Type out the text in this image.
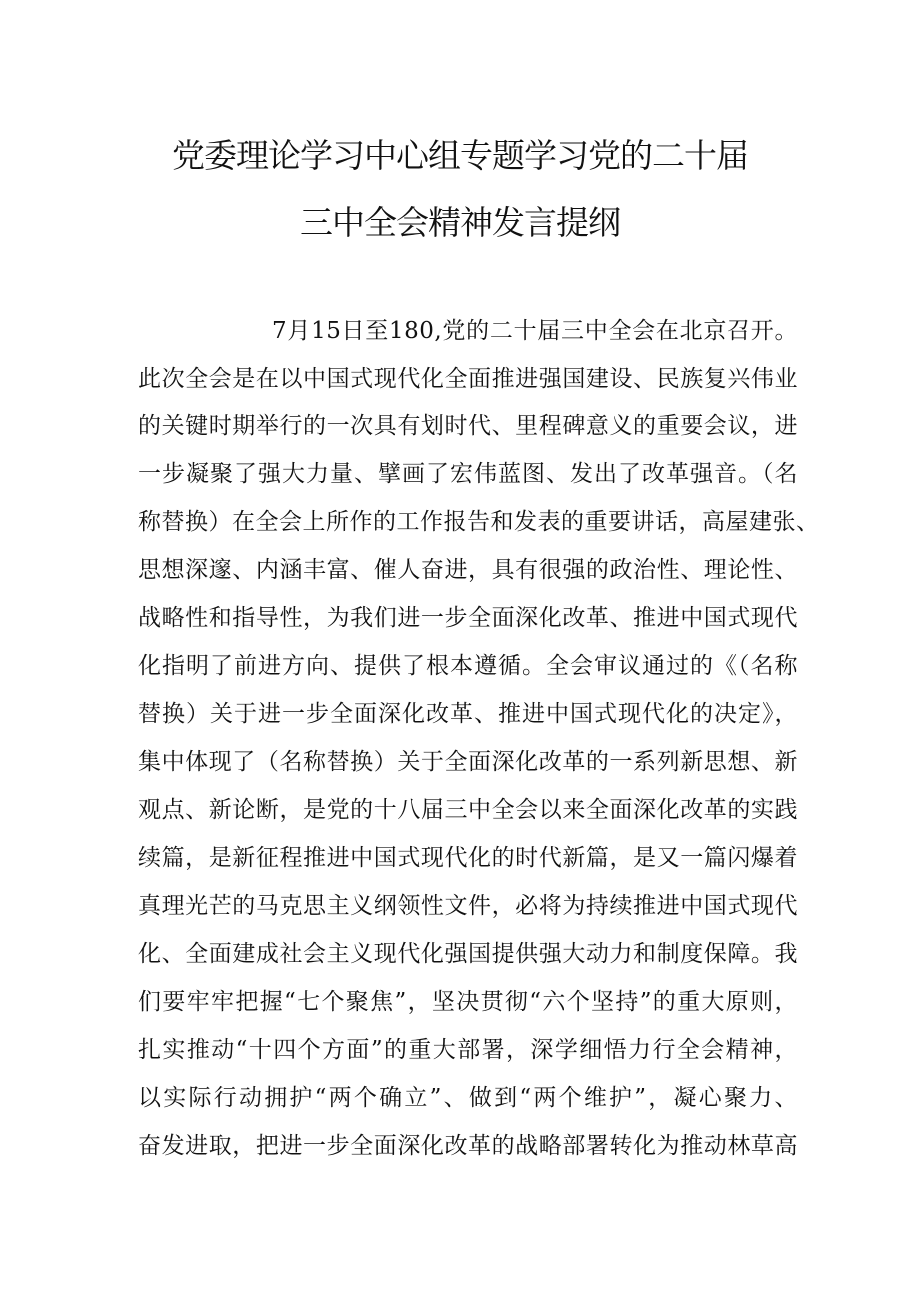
党委理论学习中心组专题学习党的二十届
三中全会精神发言提纲
7月15日至180,党的二十届三中全会在北京召开。
此次全会是在以中国式现代化全面推进强国建设、民族复兴伟业
的关键时期举行的一次具有划时代、里程碑意义的重要会议，进
一步凝聚了强大力量、擘画了宏伟蓝图、发出了改革强音。（名
称替换）在全会上所作的工作报告和发表的重要讲话，高屋建张、
思想深邃、内涵丰富、催人奋进，具有很强的政治性、理论性、
战略性和指导性，为我们进一步全面深化改革、推进中国式现代
化指明了前进方向、提供了根本遵循。全会审议通过的《（名称
替换）关于进一步全面深化改革、推进中国式现代化的决定》，
集中体现了（名称替换）关于全面深化改革的一系列新思想、新
观点、新论断，是党的十八届三中全会以来全面深化改革的实践
续篇，是新征程推进中国式现代化的时代新篇，是又一篇闪爆着
真理光芒的马克思主义纲领性文件，必将为持续推进中国式现代
化、全面建成社会主义现代化强国提供强大动力和制度保障。我
们要牢牢把握“七个聚焦”，坚决贯彻“六个坚持”的重大原则，
扎实推动“十四个方面”的重大部署，深学细悟力行全会精神，
以实际行动拥护“两个确立”、做到“两个维护”，凝心聚力、
奋发进取，把进一步全面深化改革的战略部署转化为推动林草高
